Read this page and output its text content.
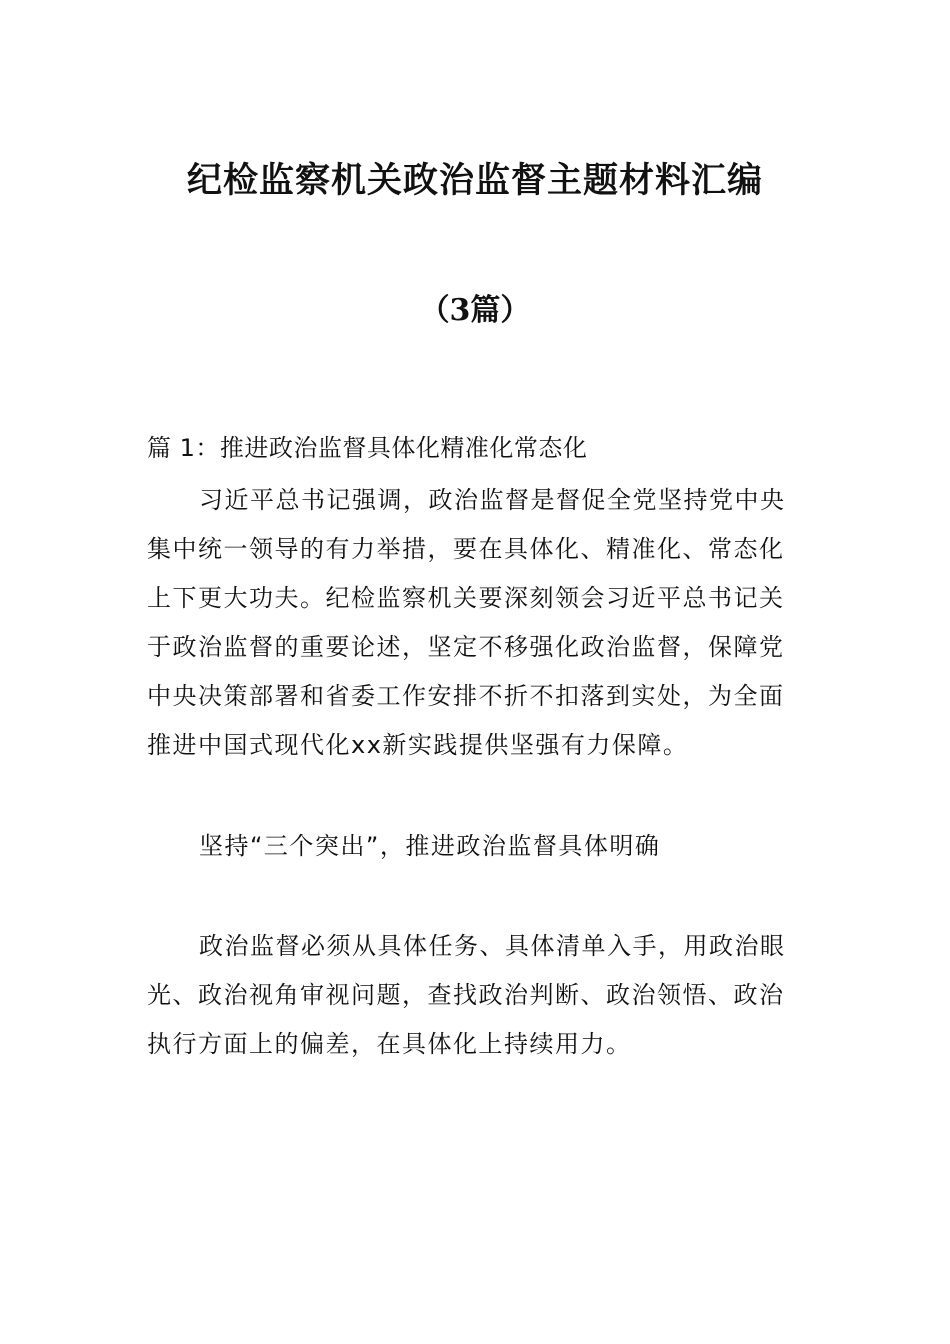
纪检监察机关政治监督主题材料汇编
（3篇）

篇 1：推进政治监督具体化精准化常态化

习近平总书记强调，政治监督是督促全党坚持党中央集中统一领导的有力举措，要在具体化、精准化、常态化上下更大功夫。纪检监察机关要深刻领会习近平总书记关于政治监督的重要论述，坚定不移强化政治监督，保障党中央决策部署和省委工作安排不折不扣落到实处，为全面推进中国式现代化xx新实践提供坚强有力保障。

坚持“三个突出”，推进政治监督具体明确

政治监督必须从具体任务、具体清单入手，用政治眼光、政治视角审视问题，查找政治判断、政治领悟、政治执行方面上的偏差，在具体化上持续用力。
